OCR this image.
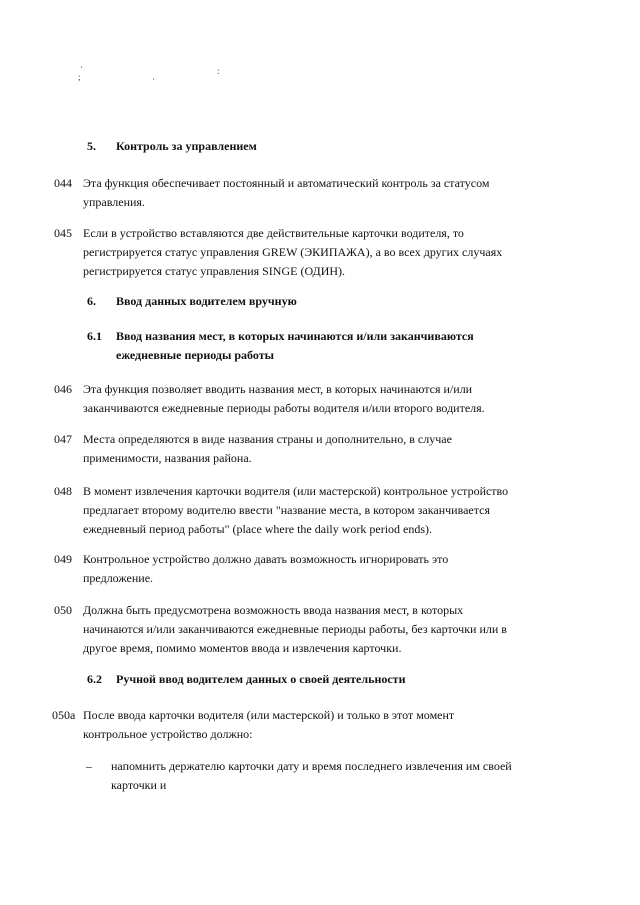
·
;	·
:
5. Контроль за управлением
044 Эта функция обеспечивает постоянный и автоматический контроль за статусом
управления.
045 Если в устройство вставляются две действительные карточки водителя, то
регистрируется статус управления GREW (ЭКИПАЖА), а во всех других случаях
регистрируется статус управления SINGE (ОДИН).
6. Ввод данных водителем вручную
6.1 Ввод названия мест, в которых начинаются и/или заканчиваются
ежедневные периоды работы
046 Эта функция позволяет вводить названия мест, в которых начинаются и/или
заканчиваются ежедневные периоды работы водителя и/или второго водителя.
047 Места определяются в виде названия страны и дополнительно, в случае
применимости, названия района.
048 В момент извлечения карточки водителя (или мастерской) контрольное устройство
предлагает второму водителю ввести "название места, в котором заканчивается
ежедневный период работы" (place where the daily work period ends).
049 Контрольное устройство должно давать возможность игнорировать это
предложение.
050 Должна быть предусмотрена возможность ввода названия мест, в которых
начинаются и/или заканчиваются ежедневные периоды работы, без карточки или в
другое время, помимо моментов ввода и извлечения карточки.
6.2 Ручной ввод водителем данных о своей деятельности
050a После ввода карточки водителя (или мастерской) и только в этот момент
контрольное устройство должно:
– напомнить держателю карточки дату и время последнего извлечения им своей
карточки и
